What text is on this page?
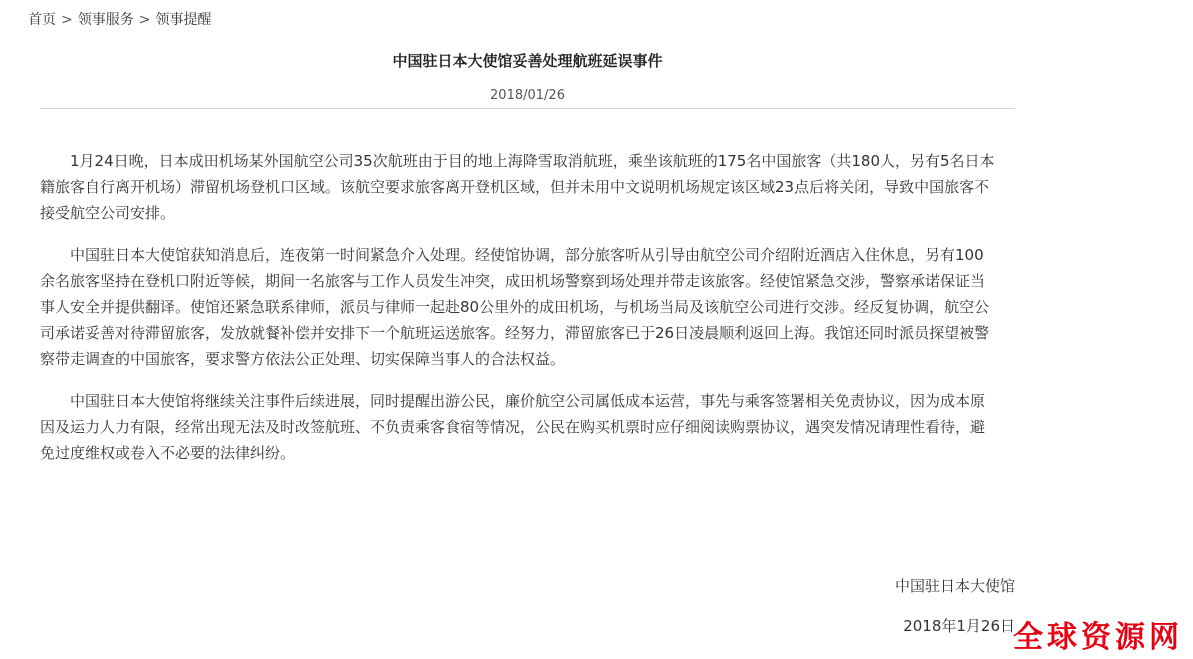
首页 > 领事服务 > 领事提醒
中国驻日本大使馆妥善处理航班延误事件
2018/01/26

1月24日晚，日本成田机场某外国航空公司35次航班由于目的地上海降雪取消航班，乘坐该航班的175名中国旅客（共180人，另有5名日本籍旅客自行离开机场）滞留机场登机口区域。该航空要求旅客离开登机区域，但并未用中文说明机场规定该区域23点后将关闭，导致中国旅客不接受航空公司安排。

中国驻日本大使馆获知消息后，连夜第一时间紧急介入处理。经使馆协调，部分旅客听从引导由航空公司介绍附近酒店入住休息，另有100余名旅客坚持在登机口附近等候，期间一名旅客与工作人员发生冲突，成田机场警察到场处理并带走该旅客。经使馆紧急交涉，警察承诺保证当事人安全并提供翻译。使馆还紧急联系律师，派员与律师一起赴80公里外的成田机场，与机场当局及该航空公司进行交涉。经反复协调，航空公司承诺妥善对待滞留旅客，发放就餐补偿并安排下一个航班运送旅客。经努力，滞留旅客已于26日凌晨顺利返回上海。我馆还同时派员探望被警察带走调查的中国旅客，要求警方依法公正处理、切实保障当事人的合法权益。

中国驻日本大使馆将继续关注事件后续进展，同时提醒出游公民，廉价航空公司属低成本运营，事先与乘客签署相关免责协议，因为成本原因及运力人力有限，经常出现无法及时改签航班、不负责乘客食宿等情况，公民在购买机票时应仔细阅读购票协议，遇突发情况请理性看待，避免过度维权或卷入不必要的法律纠纷。

中国驻日本大使馆
2018年1月26日
全球资源网
